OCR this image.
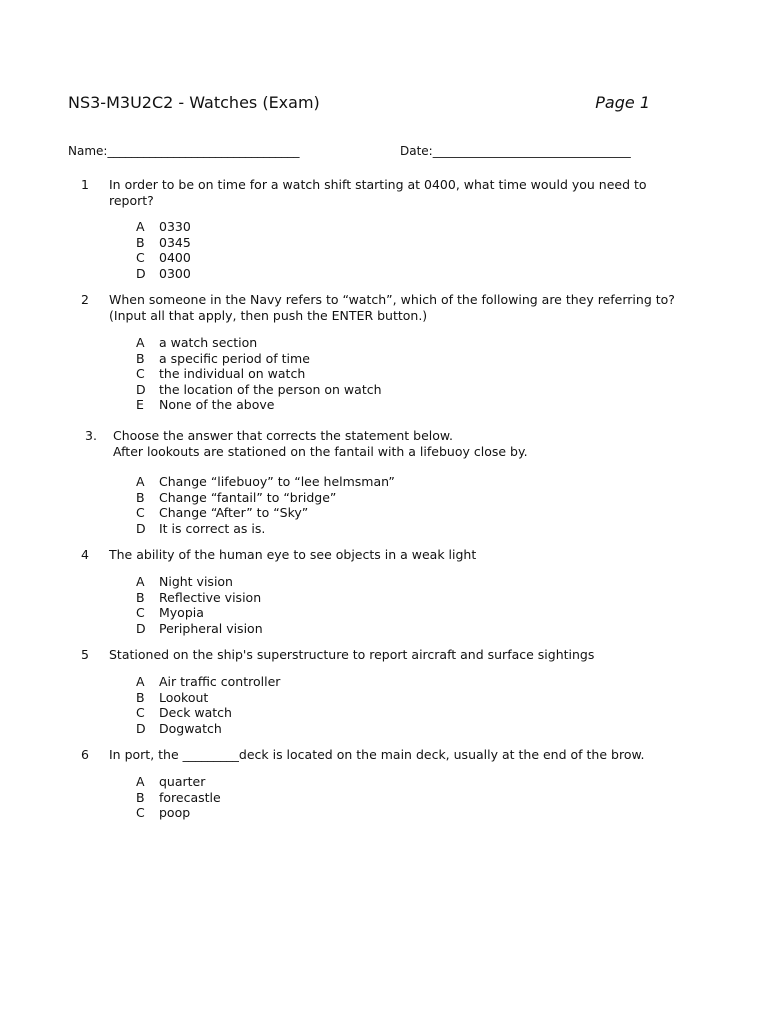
NS3-M3U2C2 - Watches (Exam)	Page 1
Name:________________________________	Date:_________________________________
1 In order to be on time for a watch shift starting at 0400, what time would you need to
report?
A 0330
B 0345
C 0400
D 0300
2 When someone in the Navy refers to “watch”, which of the following are they referring to?
(Input all that apply, then push the ENTER button.)
A a watch section
B a specific period of time
C the individual on watch
D the location of the person on watch
E None of the above
3. Choose the answer that corrects the statement below.
After lookouts are stationed on the fantail with a lifebuoy close by.
A Change “lifebuoy” to “lee helmsman”
B Change “fantail” to “bridge”
C Change “After” to “Sky”
D It is correct as is.
4 The ability of the human eye to see objects in a weak light
A Night vision
B Reflective vision
C Myopia
D Peripheral vision
5 Stationed on the ship's superstructure to report aircraft and surface sightings
A Air traffic controller
B Lookout
C Deck watch
D Dogwatch
6 In port, the _________deck is located on the main deck, usually at the end of the brow.
A quarter
B forecastle
C poop
